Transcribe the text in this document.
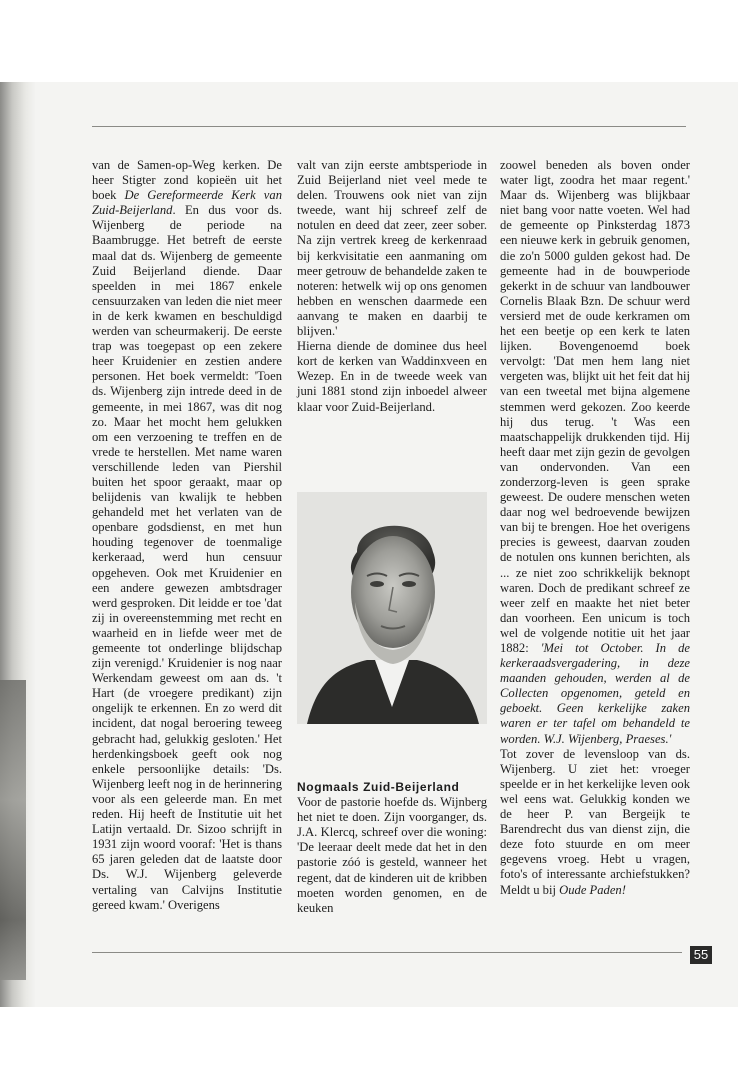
van de Samen-op-Weg kerken. De heer Stigter zond kopieën uit het boek De Gereformeerde Kerk van Zuid-Beijerland. En dus voor ds. Wijenberg de periode na Baambrugge. Het betreft de eerste maal dat ds. Wijenberg de gemeente Zuid Beijerland diende. Daar speelden in mei 1867 enkele censuurzaken van leden die niet meer in de kerk kwamen en beschuldigd werden van scheurmakerij. De eerste trap was toegepast op een zekere heer Kruidenier en zestien andere personen. Het boek vermeldt: 'Toen ds. Wijenberg zijn intrede deed in de gemeente, in mei 1867, was dit nog zo. Maar het mocht hem gelukken om een verzoening te treffen en de vrede te herstellen. Met name waren verschillende leden van Piershil buiten het spoor geraakt, maar op belijdenis van kwalijk te hebben gehandeld met het verlaten van de openbare godsdienst, en met hun houding tegenover de toenmalige kerkeraad, werd hun censuur opgeheven. Ook met Kruidenier en een andere gewezen ambtsdrager werd gesproken. Dit leidde er toe 'dat zij in overeenstemming met recht en waarheid en in liefde weer met de gemeente tot onderlinge blijdschap zijn verenigd.' Kruidenier is nog naar Werkendam geweest om aan ds. 't Hart (de vroegere predikant) zijn ongelijk te erkennen. En zo werd dit incident, dat nogal beroering teweeg gebracht had, gelukkig gesloten.' Het herdenkingsboek geeft ook nog enkele persoonlijke details: 'Ds. Wijenberg leeft nog in de herinnering voor als een geleerde man. En met reden. Hij heeft de Institutie uit het Latijn vertaald. Dr. Sizoo schrijft in 1931 zijn woord vooraf: 'Het is thans 65 jaren geleden dat de laatste door Ds. W.J. Wijenberg geleverde vertaling van Calvijns Institutie gereed kwam.' Overigens

valt van zijn eerste ambtsperiode in Zuid Beijerland niet veel mede te delen. Trouwens ook niet van zijn tweede, want hij schreef zelf de notulen en deed dat zeer, zeer sober. Na zijn vertrek kreeg de kerkenraad bij kerkvisitatie een aanmaning om meer getrouw de behandelde zaken te noteren: hetwelk wij op ons genomen hebben en wenschen daarmede een aanvang te maken en daarbij te blijven.'

Hierna diende de dominee dus heel kort de kerken van Waddinxveen en Wezep. En in de tweede week van juni 1881 stond zijn inboedel alweer klaar voor Zuid-Beijerland.

Nogmaals Zuid-Beijerland

Voor de pastorie hoefde ds. Wijnberg het niet te doen. Zijn voorganger, ds. J.A. Klercq, schreef over die woning: 'De leeraar deelt mede dat het in den pastorie zóó is gesteld, wanneer het regent, dat de kinderen uit de kribben moeten worden genomen, en de keuken

zoowel beneden als boven onder water ligt, zoodra het maar regent.' Maar ds. Wijenberg was blijkbaar niet bang voor natte voeten. Wel had de gemeente op Pinksterdag 1873 een nieuwe kerk in gebruik genomen, die zo'n 5000 gulden gekost had. De gemeente had in de bouwperiode gekerkt in de schuur van landbouwer Cornelis Blaak Bzn. De schuur werd versierd met de oude kerkramen om het een beetje op een kerk te laten lijken. Bovengenoemd boek vervolgt: 'Dat men hem lang niet vergeten was, blijkt uit het feit dat hij van een tweetal met bijna algemene stemmen werd gekozen. Zoo keerde hij dus terug. 't Was een maatschappelijk drukkenden tijd. Hij heeft daar met zijn gezin de gevolgen van ondervonden. Van een zonderzorg-leven is geen sprake geweest. De oudere menschen weten daar nog wel bedroevende bewijzen van bij te brengen. Hoe het overigens precies is geweest, daarvan zouden de notulen ons kunnen berichten, als ... ze niet zoo schrikkelijk beknopt waren. Doch de predikant schreef ze weer zelf en maakte het niet beter dan voorheen. Een unicum is toch wel de volgende notitie uit het jaar 1882: 'Mei tot October. In de kerkeraadsvergadering, in deze maanden gehouden, werden al de Collecten opgenomen, geteld en geboekt. Geen kerkelijke zaken waren er ter tafel om behandeld te worden. W.J. Wijenberg, Praeses.'

Tot zover de levensloop van ds. Wijenberg. U ziet het: vroeger speelde er in het kerkelijke leven ook wel eens wat. Gelukkig konden we de heer P. van Bergeijk te Barendrecht dus van dienst zijn, die deze foto stuurde en om meer gegevens vroeg. Hebt u vragen, foto's of interessante archiefstukken? Meldt u bij Oude Paden!

55
